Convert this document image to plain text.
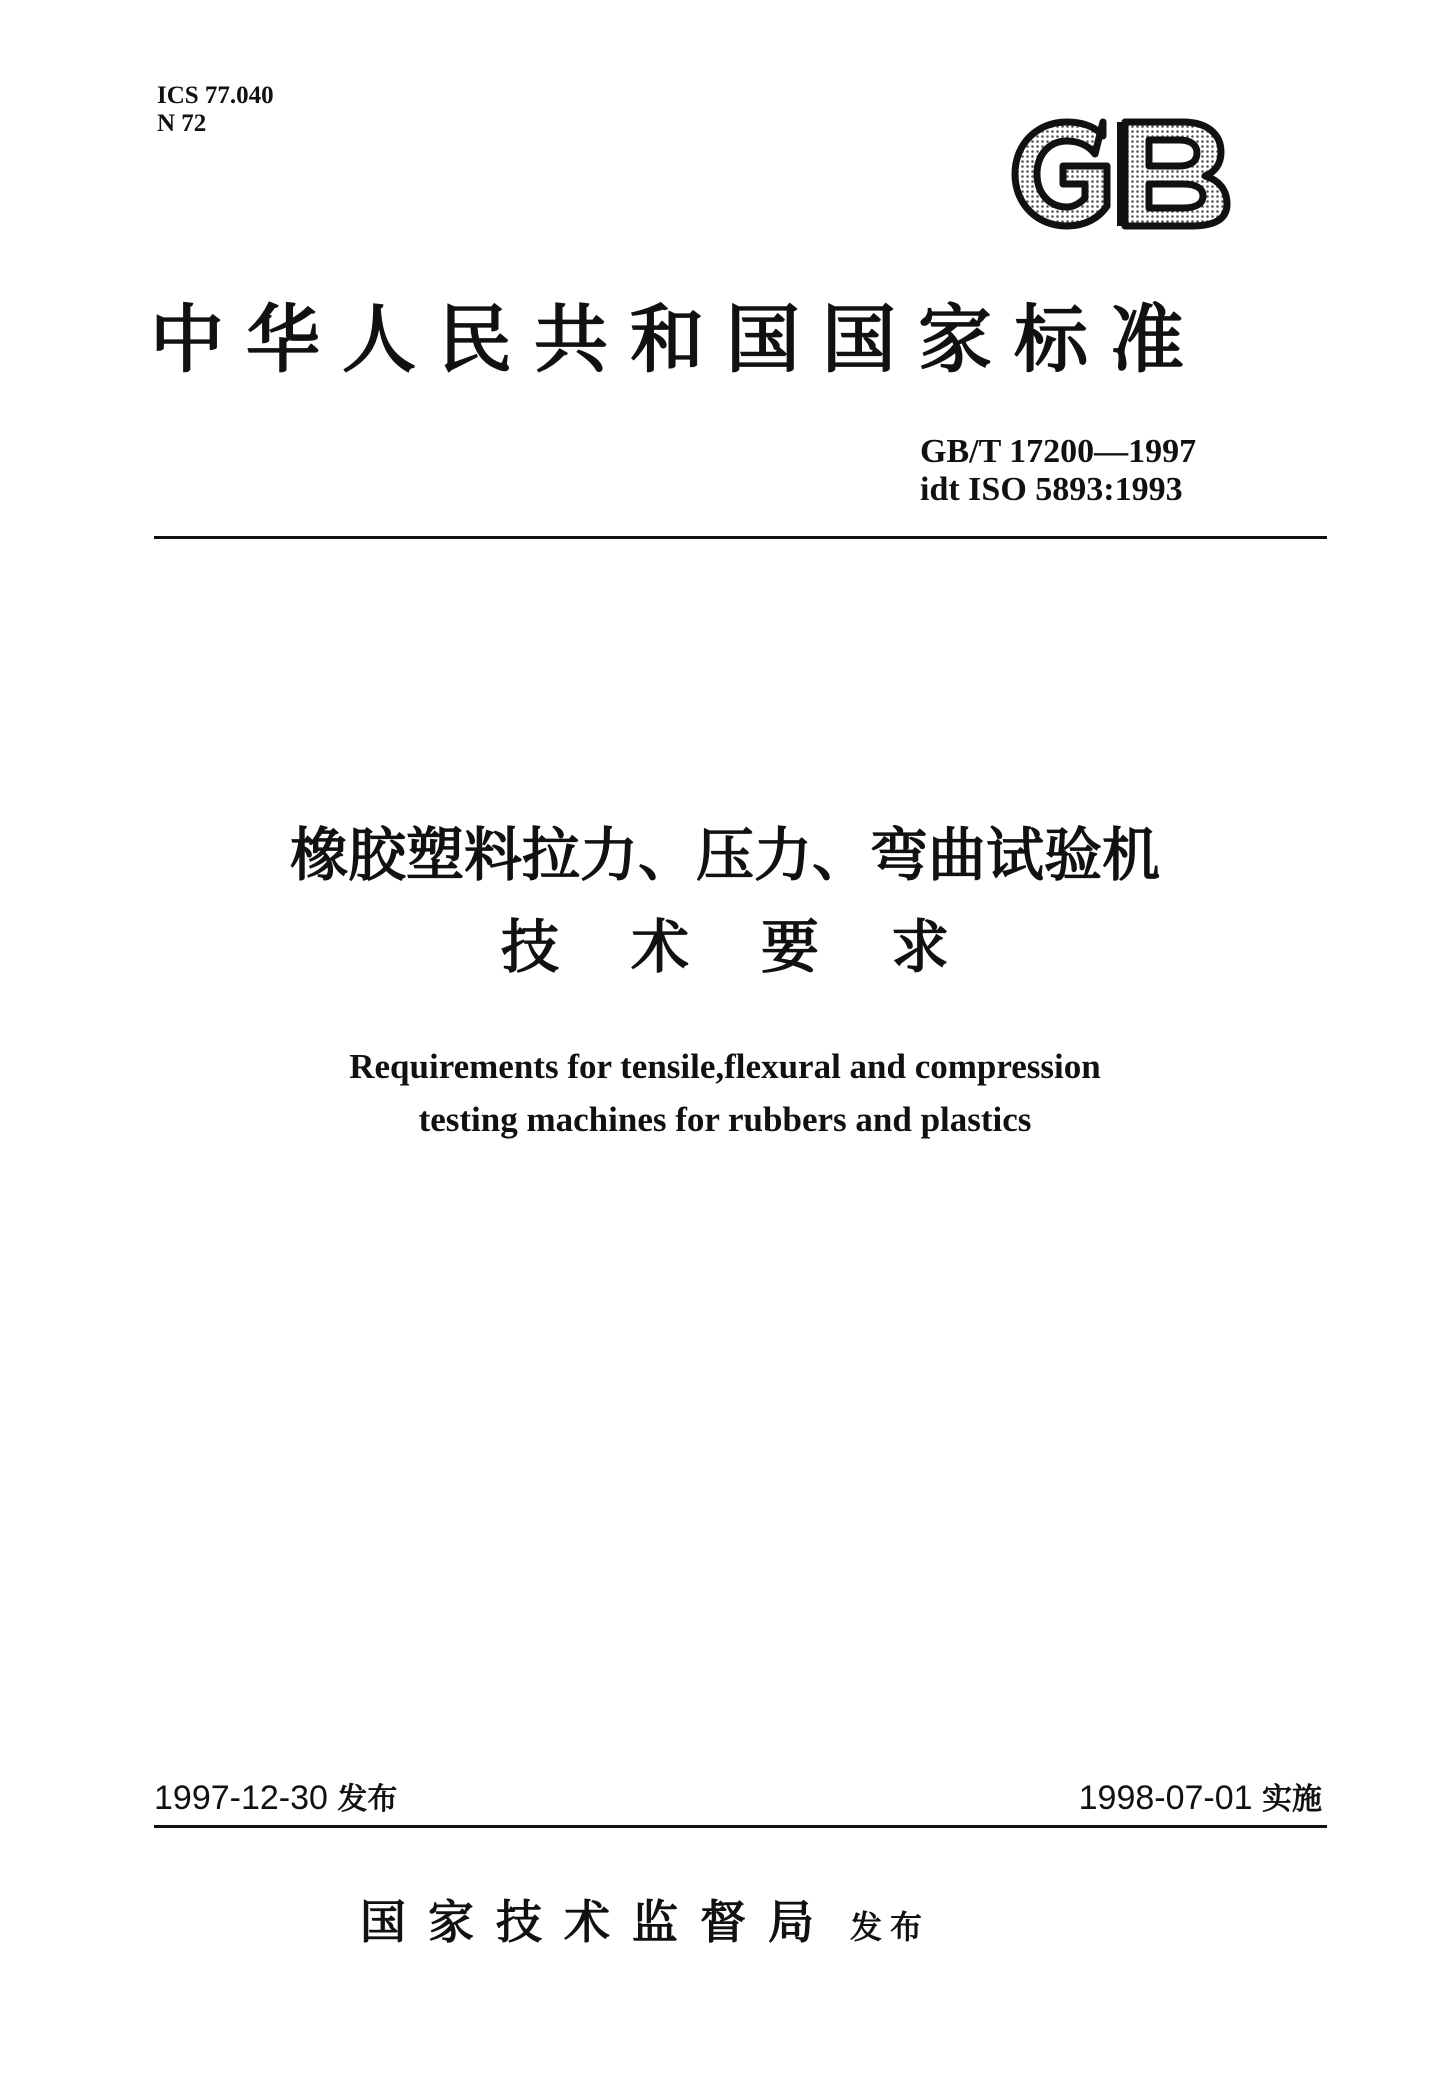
ICS 77.040
N 72
中华人民共和国国家标准
GB/T 17200—1997
idt ISO 5893:1993
橡胶塑料拉力、压力、弯曲试验机
技术要求
Requirements for tensile,flexural and compression
testing machines for rubbers and plastics
1997-12-30 发布	1998-07-01 实施
国家技术监督局 发布
